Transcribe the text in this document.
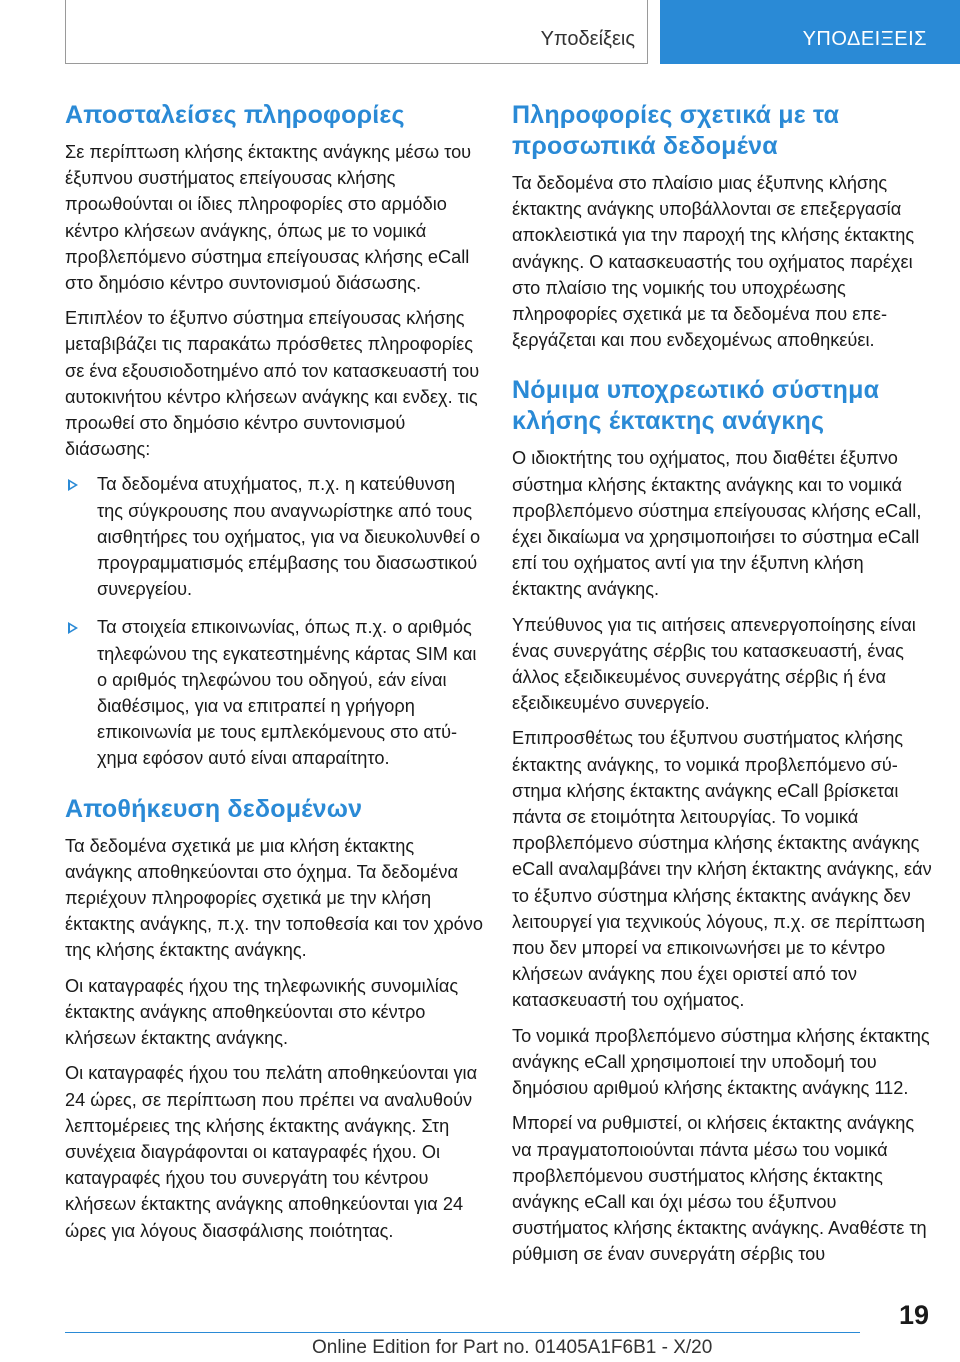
Υποδείξεις	ΥΠΟΔΕΙΞΕΙΣ
Αποσταλείσες πληροφορίες

Σε περίπτωση κλήσης έκτακτης ανάγκης μέσω του έξυπνου συστήματος επείγουσας κλήσης προωθούνται οι ίδιες πληροφορίες στο αρμόδιο κέντρο κλήσεων ανάγκης, όπως με το νομικά προβλεπόμενο σύστημα επείγουσας κλήσης eCall στο δημόσιο κέντρο συντονισμού διάσωσης.

Επιπλέον το έξυπνο σύστημα επείγουσας κλήσης μεταβιβάζει τις παρακάτω πρόσθετες πληροφορίες σε ένα εξουσιοδοτημένο από τον κατασκευαστή του αυτοκινήτου κέντρο κλήσεων ανάγκης και ενδεχ. τις προωθεί στο δημόσιο κέντρο συντονισμού διάσωσης:

Τα δεδομένα ατυχήματος, π.χ. η κατεύθυνση της σύγκρουσης που αναγνωρίστηκε από τους αισθητήρες του οχήματος, για να διευκολυνθεί ο προγραμματισμός επέμβασης του διασωστικού συνεργείου.
Τα στοιχεία επικοινωνίας, όπως π.χ. ο αριθμός τηλεφώνου της εγκατεστημένης κάρτας SIM και ο αριθμός τηλεφώνου του οδηγού, εάν είναι διαθέσιμος, για να επιτραπεί η γρήγορη επικοινωνία με τους εμπλεκόμενους στο ατύχημα εφόσον αυτό είναι απαραίτητο.
Αποθήκευση δεδομένων

Τα δεδομένα σχετικά με μια κλήση έκτακτης ανάγκης αποθηκεύονται στο όχημα. Τα δεδομένα περιέχουν πληροφορίες σχετικά με την κλήση έκτακτης ανάγκης, π.χ. την τοποθεσία και τον χρόνο της κλήσης έκτακτης ανάγκης.

Οι καταγραφές ήχου της τηλεφωνικής συνομιλίας έκτακτης ανάγκης αποθηκεύονται στο κέντρο κλήσεων έκτακτης ανάγκης.

Οι καταγραφές ήχου του πελάτη αποθηκεύονται για 24 ώρες, σε περίπτωση που πρέπει να αναλυθούν λεπτομέρειες της κλήσης έκτακτης ανάγκης. Στη συνέχεια διαγράφονται οι καταγραφές ήχου. Οι καταγραφές ήχου του συνεργάτη του κέντρου κλήσεων έκτακτης ανάγκης αποθηκεύονται για 24 ώρες για λόγους διασφάλισης ποιότητας.

Πληροφορίες σχετικά με τα προσωπικά δεδομένα

Τα δεδομένα στο πλαίσιο μιας έξυπνης κλήσης έκτακτης ανάγκης υποβάλλονται σε επεξεργασία αποκλειστικά για την παροχή της κλήσης έκτακτης ανάγκης. Ο κατασκευαστής του οχήματος παρέχει στο πλαίσιο της νομικής του υποχρέωσης πληροφορίες σχετικά με τα δεδομένα που επεξεργάζεται και που ενδεχομένως αποθηκεύει.

Νόμιμα υποχρεωτικό σύστημα κλήσης έκτακτης ανάγκης

Ο ιδιοκτήτης του οχήματος, που διαθέτει έξυπνο σύστημα κλήσης έκτακτης ανάγκης και το νομικά προβλεπόμενο σύστημα επείγουσας κλήσης eCall, έχει δικαίωμα να χρησιμοποιήσει το σύστημα eCall επί του οχήματος αντί για την έξυπνη κλήση έκτακτης ανάγκης.

Υπεύθυνος για τις αιτήσεις απενεργοποίησης είναι ένας συνεργάτης σέρβις του κατασκευαστή, ένας άλλος εξειδικευμένος συνεργάτης σέρβις ή ένα εξειδικευμένο συνεργείο.

Επιπροσθέτως του έξυπνου συστήματος κλήσης έκτακτης ανάγκης, το νομικά προβλεπόμενο σύστημα κλήσης έκτακτης ανάγκης eCall βρίσκεται πάντα σε ετοιμότητα λειτουργίας. Το νομικά προβλεπόμενο σύστημα κλήσης έκτακτης ανάγκης eCall αναλαμβάνει την κλήση έκτακτης ανάγκης, εάν το έξυπνο σύστημα κλήσης έκτακτης ανάγκης δεν λειτουργεί για τεχνικούς λόγους, π.χ. σε περίπτωση που δεν μπορεί να επικοινωνήσει με το κέντρο κλήσεων ανάγκης που έχει οριστεί από τον κατασκευαστή του οχήματος.

Το νομικά προβλεπόμενο σύστημα κλήσης έκτακτης ανάγκης eCall χρησιμοποιεί την υποδομή του δημόσιου αριθμού κλήσης έκτακτης ανάγκης 112.

Μπορεί να ρυθμιστεί, οι κλήσεις έκτακτης ανάγκης να πραγματοποιούνται πάντα μέσω του νομικά προβλεπόμενου συστήματος κλήσης έκτακτης ανάγκης eCall και όχι μέσω του έξυπνου συστήματος κλήσης έκτακτης ανάγκης. Αναθέστε τη ρύθμιση σε έναν συνεργάτη σέρβις του

19
Online Edition for Part no. 01405A1F6B1 - X/20
